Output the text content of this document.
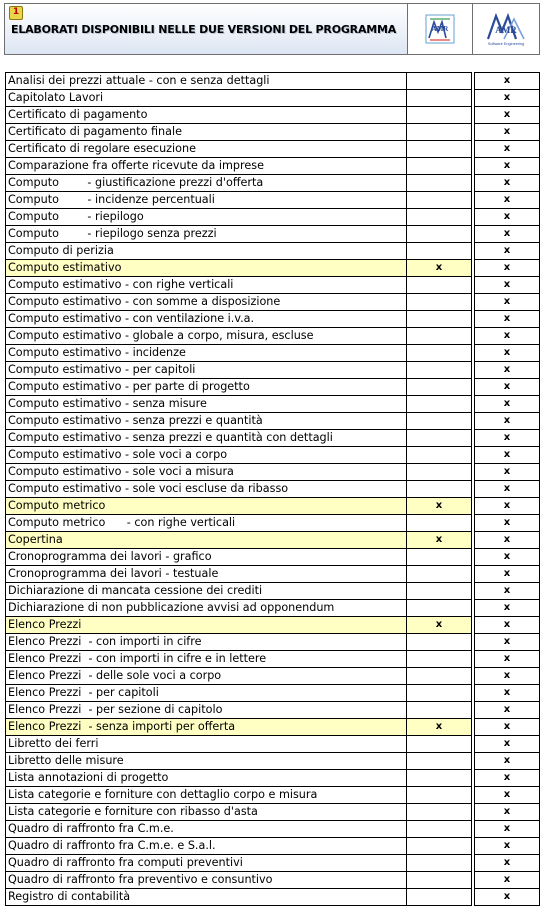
1
ELABORATI DISPONIBILI NELLE DUE VERSIONI DEL PROGRAMMA	AMR	AMR
Software Engineering
Analisi dei prezzi attuale - con e senza dettagli			x
Capitolato Lavori			x
Certificato di pagamento			x
Certificato di pagamento finale			x
Certificato di regolare esecuzione			x
Comparazione fra offerte ricevute da imprese			x
Computo        - giustificazione prezzi d'offerta			x
Computo        - incidenze percentuali			x
Computo        - riepilogo			x
Computo        - riepilogo senza prezzi			x
Computo di perizia			x
Computo estimativo	x		x
Computo estimativo - con righe verticali			x
Computo estimativo - con somme a disposizione			x
Computo estimativo - con ventilazione i.v.a.			x
Computo estimativo - globale a corpo, misura, escluse			x
Computo estimativo - incidenze			x
Computo estimativo - per capitoli			x
Computo estimativo - per parte di progetto			x
Computo estimativo - senza misure			x
Computo estimativo - senza prezzi e quantità			x
Computo estimativo - senza prezzi e quantità con dettagli			x
Computo estimativo - sole voci a corpo			x
Computo estimativo - sole voci a misura			x
Computo estimativo - sole voci escluse da ribasso			x
Computo metrico	x		x
Computo metrico      - con righe verticali			x
Copertina	x		x
Cronoprogramma dei lavori - grafico			x
Cronoprogramma dei lavori - testuale			x
Dichiarazione di mancata cessione dei crediti			x
Dichiarazione di non pubblicazione avvisi ad opponendum			x
Elenco Prezzi	x		x
Elenco Prezzi  - con importi in cifre			x
Elenco Prezzi  - con importi in cifre e in lettere			x
Elenco Prezzi  - delle sole voci a corpo			x
Elenco Prezzi  - per capitoli			x
Elenco Prezzi  - per sezione di capitolo			x
Elenco Prezzi  - senza importi per offerta	x		x
Libretto dei ferri			x
Libretto delle misure			x
Lista annotazioni di progetto			x
Lista categorie e forniture con dettaglio corpo e misura			x
Lista categorie e forniture con ribasso d'asta			x
Quadro di raffronto fra C.m.e.			x
Quadro di raffronto fra C.m.e. e S.a.l.			x
Quadro di raffronto fra computi preventivi			x
Quadro di raffronto fra preventivo e consuntivo			x
Registro di contabilità			x
